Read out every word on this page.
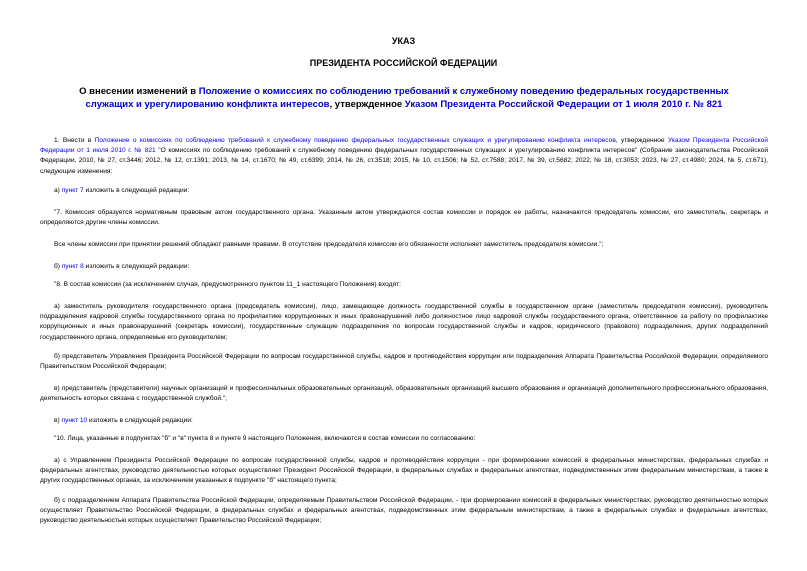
УКАЗ
ПРЕЗИДЕНТА РОССИЙСКОЙ ФЕДЕРАЦИИ
О внесении изменений в Положение о комиссиях по соблюдению требований к служебному поведению федеральных государственных служащих и урегулированию конфликта интересов, утвержденное Указом Президента Российской Федерации от 1 июля 2010 г. № 821
1. Внести в Положение о комиссиях по соблюдению требований к служебному поведению федеральных государственных служащих и урегулированию конфликта интересов, утвержденное Указом Президента Российской Федерации от 1 июля 2010 г. № 821 "О комиссиях по соблюдению требований к служебному поведению федеральных государственных служащих и урегулированию конфликта интересов" (Собрание законодательства Российской Федерации, 2010, № 27, ст.3446; 2012, № 12, ст.1391; 2013, № 14, ст.1670; № 49, ст.6399; 2014, № 26, ст.3518; 2015, № 10, ст.1506; № 52, ст.7588; 2017, № 39, ст.5682; 2022, № 18, ст.3053; 2023, № 27, ст.4980; 2024, № 5, ст.671), следующие изменения:
а) пункт 7 изложить в следующей редакции:
"7. Комиссия образуется нормативным правовым актом государственного органа. Указанным актом утверждаются состав комиссии и порядок ее работы, назначаются председатель комиссии, его заместитель, секретарь и определяются другие члены комиссии.
Все члены комиссии при принятии решений обладают равными правами. В отсутствие председателя комиссии его обязанности исполняет заместитель председателя комиссии.";
б) пункт 8 изложить в следующей редакции:
"8. В состав комиссии (за исключением случая, предусмотренного пунктом 11_1 настоящего Положения) входят:
а) заместитель руководителя государственного органа (председатель комиссии), лицо, замещающее должность государственной службы в государственном органе (заместитель председателя комиссии), руководитель подразделения кадровой службы государственного органа по профилактике коррупционных и иных правонарушений либо должностное лицо кадровой службы государственного органа, ответственное за работу по профилактике коррупционных и иных правонарушений (секретарь комиссии), государственные служащие подразделения по вопросам государственной службы и кадров, юридического (правового) подразделения, других подразделений государственного органа, определяемые его руководителем;
б) представитель Управления Президента Российской Федерации по вопросам государственной службы, кадров и противодействия коррупции или подразделения Аппарата Правительства Российской Федерации, определяемого Правительством Российской Федерации;
в) представитель (представители) научных организаций и профессиональных образовательных организаций, образовательных организаций высшего образования и организаций дополнительного профессионального образования, деятельность которых связана с государственной службой.";
в) пункт 10 изложить в следующей редакции:
"10. Лица, указанные в подпунктах "б" и "в" пункта 8 и пункте 9 настоящего Положения, включаются в состав комиссии по согласованию:
а) с Управлением Президента Российской Федерации по вопросам государственной службы, кадров и противодействия коррупции - при формировании комиссий в федеральных министерствах, федеральных службах и федеральных агентствах, руководство деятельностью которых осуществляет Президент Российской Федерации, в федеральных службах и федеральных агентствах, подведомственных этим федеральным министерствам, а также в других государственных органах, за исключением указанных в подпункте "б" настоящего пункта;
б) с подразделением Аппарата Правительства Российской Федерации, определяемым Правительством Российской Федерации, - при формировании комиссий в федеральных министерствах, руководство деятельностью которых осуществляет Правительство Российской Федерации, в федеральных службах и федеральных агентствах, подведомственных этим федеральным министерствам, а также в федеральных службах и федеральных агентствах, руководство деятельностью которых осуществляет Правительство Российской Федерации;
